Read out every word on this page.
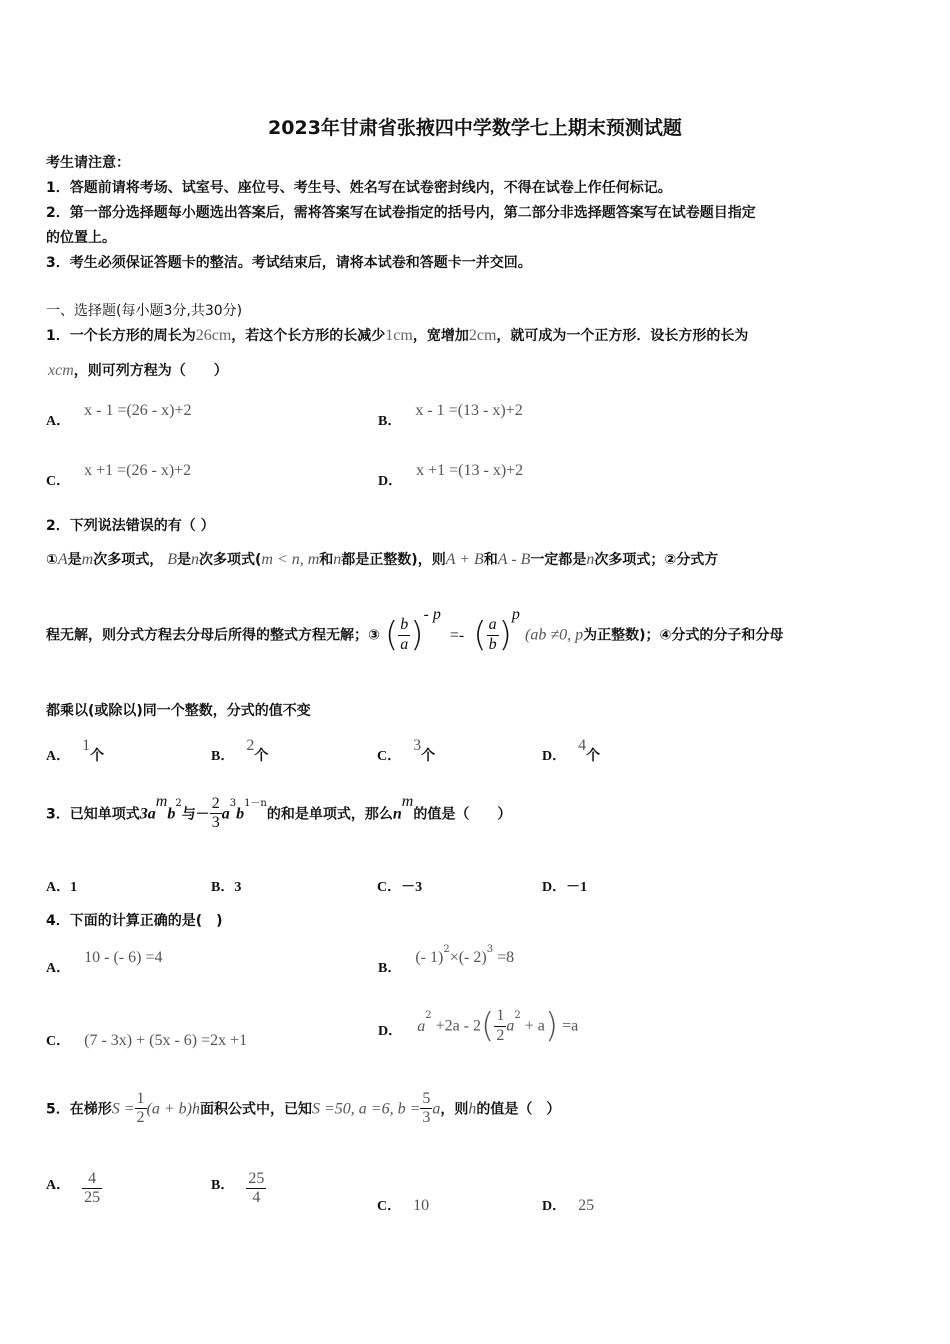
2023年甘肃省张掖四中学数学七上期末预测试题
考生请注意：
1．答题前请将考场、试室号、座位号、考生号、姓名写在试卷密封线内，不得在试卷上作任何标记。
2．第一部分选择题每小题选出答案后，需将答案写在试卷指定的括号内，第二部分非选择题答案写在试卷题目指定
的位置上。
3．考生必须保证答题卡的整洁。考试结束后，请将本试卷和答题卡一并交回。
一、选择题(每小题3分,共30分)
1．一个长方形的周长为26cm，若这个长方形的长减少1cm，宽增加2cm，就可成为一个正方形．设长方形的长为
xcm，则可列方程为（　　）
A．x - 1 =(26 - x)+2
B．x - 1 =(13 - x)+2
C．x +1 =(26 - x)+2
D．x +1 =(13 - x)+2
2．下列说法错误的有（ ）
①A是m次多项式， B是n次多项式(m < n, m和n都是正整数)，则A + B和A - B一定都是n次多项式；②分式方
程无解，则分式方程去分母后所得的整式方程无解；③ ( $\frac{b}{a} )^{- p}$ =- ( $\frac{a}{b} )^p$ (ab ≠0, p为正整数)；④分式的分子和分母
都乘以(或除以)同一个整数，分式的值不变
A．1个	B．2个	C．3个	D．4个
3．已知单项式$3a^mb^2$与－ $\frac{2}{3} a^3b^{1-n}$的和是单项式，那么$n^m$的值是（　　）
A．1	B．3	C．－3	D．－1
4．下面的计算正确的是(　)
A．10 - (- 6) =4
B．(- 1)$^2$×(- 2)$^3$ =8
C． (7 - 3x) + (5x - 6) =2x +1
D． $a^2 +2a - 2( \frac{1}{2} a^2 + a) =a$
5．在梯形$S = \frac{1}{2} (a + b)h$面积公式中，已知S =50, a =6, $b = \frac{5}{3}$ a，则h的值是（　）
A． $\frac{4}{25}$	B． $\frac{25}{4}$	C． 10	D． 25
